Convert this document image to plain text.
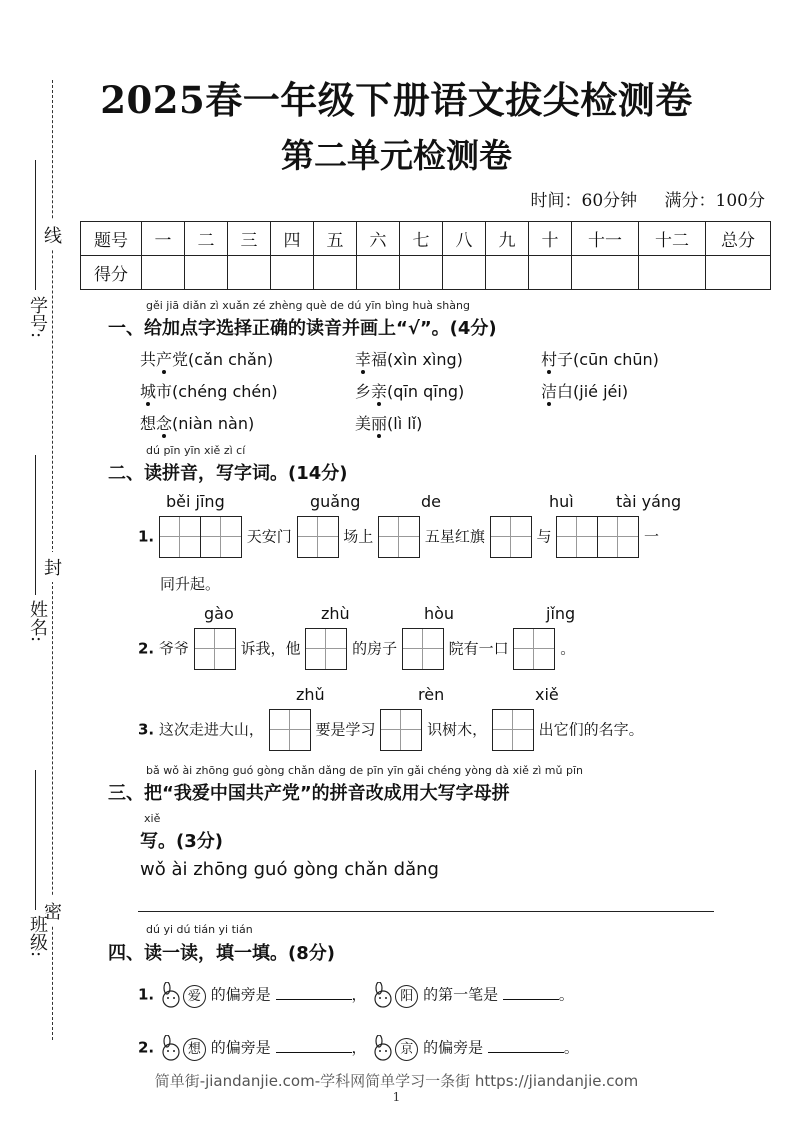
线
封
密
学号:
姓名:
班级:
2025春一年级下册语文拔尖检测卷
第二单元检测卷
时间：60分钟 满分：100分
题号	一	二	三	四	五	六	七	八	九	十	十一	十二	总分
得分													
gěi jiā diǎn zì xuǎn zé zhèng què de dú yīn bìng huà shàng
一、给加点字选择正确的读音并画上“√”。(4分)
共产党(cǎn chǎn)	幸福(xìn xìng)	村子(cūn chūn)
城市(chéng chén)	乡亲(qīn qīng)	洁白(jié jéi)
想念(niàn nàn)	美丽(lì lǐ)
dú pīn yīn xiě zì cí
二、读拼音，写字词。(14分)
běi jīng	guǎng	de	huì	tài yáng
1.	天安门	场上	五星红旗	与	一
同升起。
gào	zhù	hòu	jǐng
2. 爷爷	诉我，他	的房子	院有一口	。
zhǔ	rèn	xiě
3. 这次走进大山，	要是学习	识树木，	出它们的名字。
bǎ wǒ ài zhōng guó gòng chǎn dǎng de pīn yīn gǎi chéng yòng dà xiě zì mǔ pīn
三、把“我爱中国共产党”的拼音改成用大写字母拼
xiě
写。(3分)
wǒ ài zhōng guó gòng chǎn dǎng
dú yi dú tián yi tián
四、读一读，填一填。(8分)
1.	爱 的偏旁是	，	阳 的第一笔是	。
2.	想 的偏旁是	，	京 的偏旁是	。
简单街-jiandanjie.com-学科网简单学习一条街 https://jiandanjie.com
1
